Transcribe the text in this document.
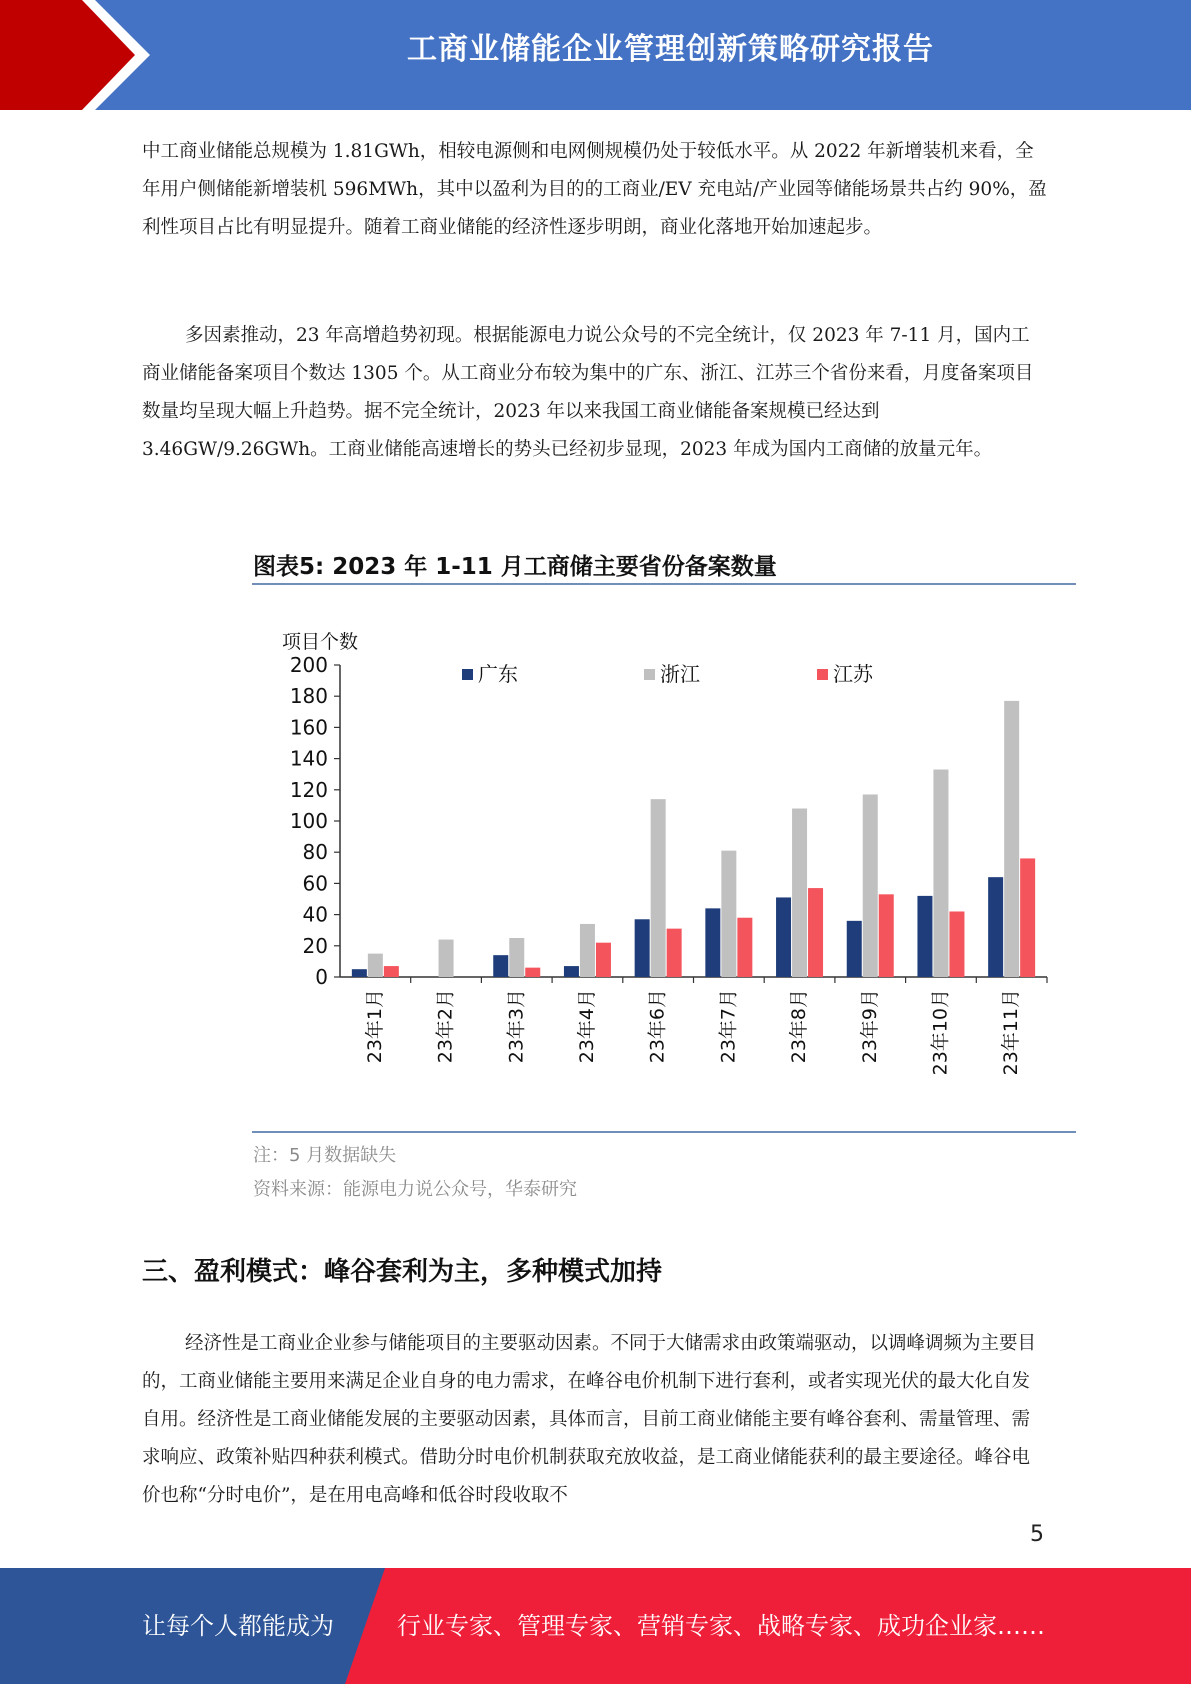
工商业储能企业管理创新策略研究报告

中工商业储能总规模为 1.81GWh，相较电源侧和电网侧规模仍处于较低水平。从 2022 年新增装机来看，全年用户侧储能新增装机 596MWh，其中以盈利为目的的工商业/EV 充电站/产业园等储能场景共占约 90%，盈利性项目占比有明显提升。随着工商业储能的经济性逐步明朗，商业化落地开始加速起步。

多因素推动，23 年高增趋势初现。根据能源电力说公众号的不完全统计，仅 2023 年 7-11 月，国内工商业储能备案项目个数达 1305 个。从工商业分布较为集中的广东、浙江、江苏三个省份来看，月度备案项目数量均呈现大幅上升趋势。据不完全统计，2023 年以来我国工商业储能备案规模已经达到 3.46GW/9.26GWh。工商业储能高速增长的势头已经初步显现，2023 年成为国内工商储的放量元年。

图表5: 2023 年 1-11 月工商储主要省份备案数量
项目个数
0
20
40
60
80
100
120
140
160
180
200
23年1月	23年2月	23年3月	23年4月	23年6月	23年7月	23年8月	23年9月	23年10月	23年11月
广东	浙江	江苏
注：5 月数据缺失
资料来源：能源电力说公众号，华泰研究
三、盈利模式：峰谷套利为主，多种模式加持

经济性是工商业企业参与储能项目的主要驱动因素。不同于大储需求由政策端驱动，以调峰调频为主要目的，工商业储能主要用来满足企业自身的电力需求，在峰谷电价机制下进行套利，或者实现光伏的最大化自发自用。经济性是工商业储能发展的主要驱动因素，具体而言，目前工商业储能主要有峰谷套利、需量管理、需求响应、政策补贴四种获利模式。借助分时电价机制获取充放收益，是工商业储能获利的最主要途径。峰谷电价也称“分时电价”，是在用电高峰和低谷时段收取不

5
让每个人都能成为	行业专家、管理专家、营销专家、战略专家、成功企业家……
